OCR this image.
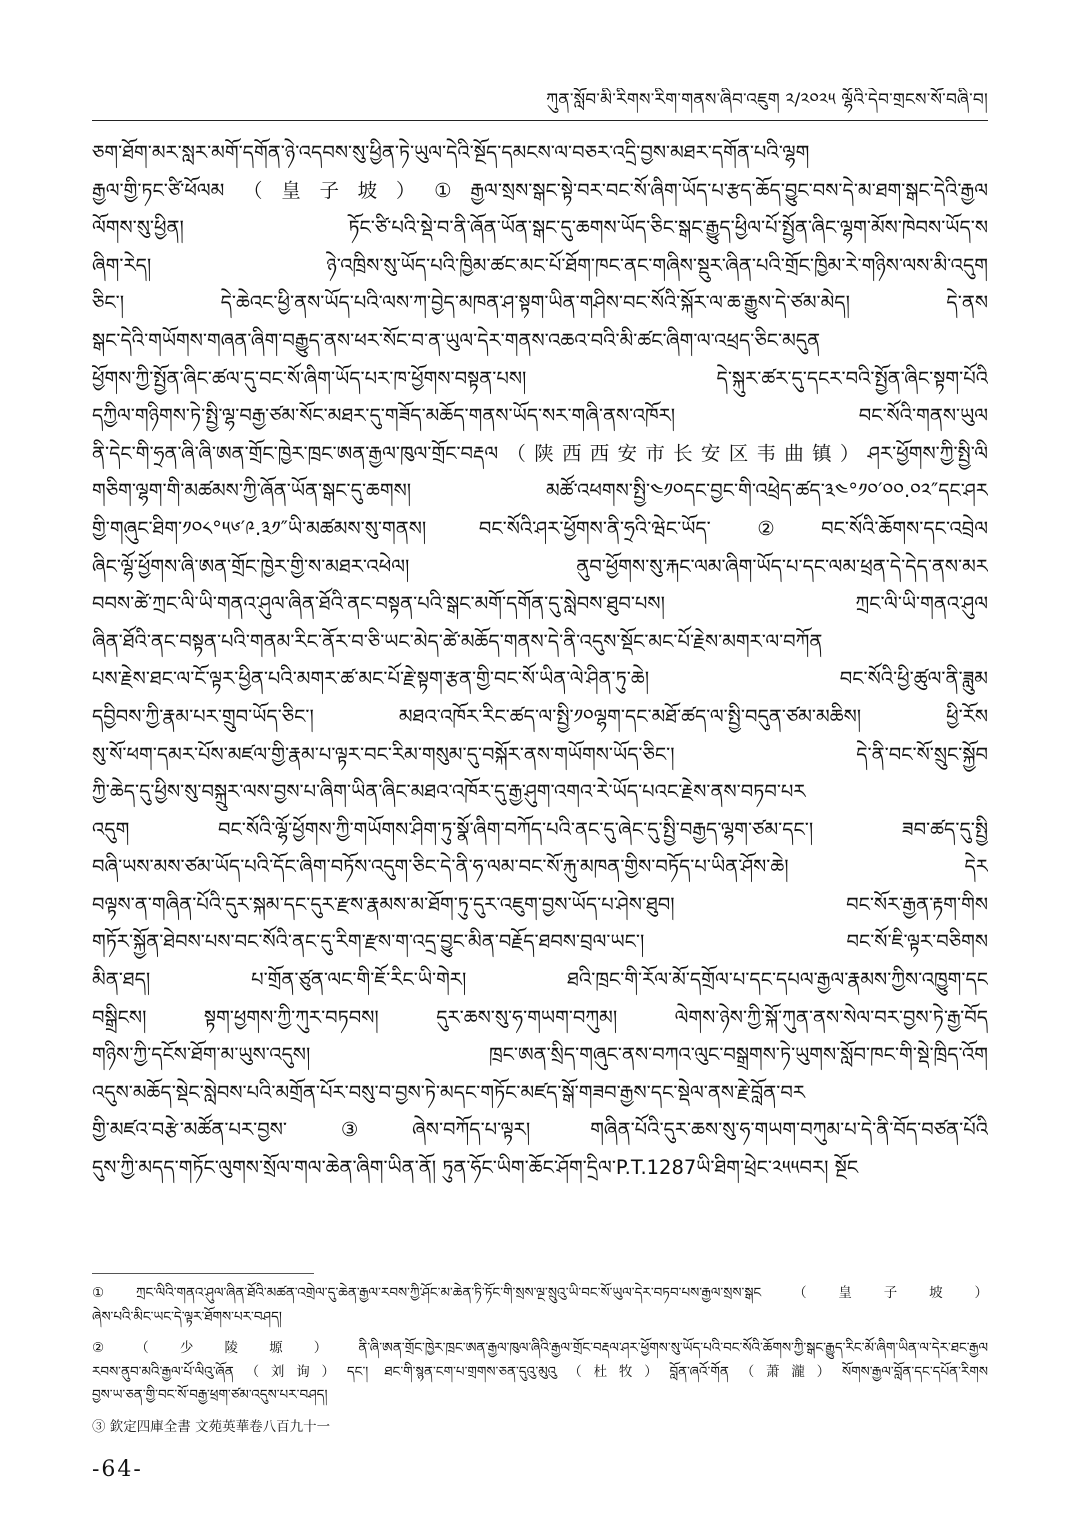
ཀུན་སློབ་མི་རིགས་རིག་གནས་ཞིབ་འཇུག ༢/༢༠༢༥ ལྷོའི་དེབ་གྲངས་སོ་བཞི་བ།
ཅག་ཐོག་མར་སླར་མགོ་དགོན་ཉེ་འདབས་སུ་ཕྱིན་ཏེ་ཡུལ་དེའི་སྔོད་དམངས་ལ་བཅར་འདྲི་བྱས་མཐར་དགོན་པའི་ལྷག
རྒྱལ་གྱི་ཏང་ཙི་ཕོལམ（皇子坡）①རྒྱལ་སྲས་སྒང་སྟེ་བར་བང་སོ་ཞིག་ཡོད་པ་རྩད་ཆོད་བྱུང་བས་དེ་མ་ཐག་སྒང་དེའི་རྒྱལ
ལོགས་སུ་ཕྱིན། ཏོང་ཙི་པའི་སྡེ་བ་ནི་ཞོན་ཡོན་སྒང་དུ་ཆགས་ཡོད་ཅིང་སྒང་རྒྱུད་ཕྱིལ་པོ་སྤྱོན་ཞིང་ལྷག་མོས་ཁེབས་ཡོད་ས
ཞིག་རེད། ཉེ་འཁྲིས་སུ་ཡོད་པའི་ཁྱིམ་ཚང་མང་པོ་ཐོག་ཁང་ནང་གཞིས་སྡུར་ཞིན་པའི་གྲོང་ཁྱིམ་རེ་གཉིས་ལས་མི་འདུག
ཅིང་། དེ་ཆེའང་ཕྱི་ནས་ཡོད་པའི་ལས་ཀ་བྱེད་མཁན་ཤ་སྟག་ཡིན་གཤིས་བང་སོའི་སྐོར་ལ་ཆ་རྒྱུས་དེ་ཙམ་མེད། དེ་ནས
སྒང་དེའི་གཡོགས་གཞན་ཞིག་བརྒྱུད་ནས་ཕར་སོང་བ་ན་ཡུལ་དེར་གནས་འཆའ་བའི་མི་ཚང་ཞིག་ལ་འཕྲད་ཅིང་མདུན
ཕྱོགས་ཀྱི་སྤྱོན་ཞིང་ཚལ་དུ་བང་སོ་ཞིག་ཡོད་པར་ཁ་ཕྱོགས་བསྟན་པས། དེ་སྐུར་ཚར་དུ་དངར་བའི་སྤྱོན་ཞིང་སྟག་པོའི
དཀྱིལ་གཉིགས་ཏེ་སྤྱི་ལྷ་བརྒྱ་ཙམ་སོང་མཐར་དུ་གཟོད་མཆོད་གནས་ཡོད་སར་གཞི་ནས་འཁོར། བང་སོའི་གནས་ཡུལ
ནི་དེང་གི་ཧྲན་ཞི་ཞི་ཨན་གྲོང་ཁྱེར་ཁྲང་ཨན་རྒྱལ་ཁུལ་གྲོང་བརྡལ（陕西西安市长安区韦曲镇）ཤར་ཕྱོགས་ཀྱི་སྤྱི་ལི
གཅིག་ལྷག་གི་མཚམས་ཀྱི་ཞོན་ཡོན་སྒང་དུ་ཆགས། མཚོ་འཕགས་སྤྱི་༤༡༠དང་བྱང་གི་འཕྲེད་ཚད་༣༤°༡༠′༠༠.༠༢″དང་ཤར
གྱི་གཞུང་ཐིག་༡༠༨°༥༦′༩.༣༡″ཡི་མཚམས་སུ་གནས། བང་སོའི་ཤར་ཕྱོགས་ནི་ཧྲའི་ཝེང་ཡོད་②བང་སོའི་ཆོགས་དང་འབྲེལ
ཞིང་ལྷོ་ཕྱོགས་ཞི་ཨན་གྲོང་ཁྱེར་གྱི་ས་མཐར་འཕེལ། ནུབ་ཕྱོགས་སུ་རྐང་ལམ་ཞིག་ཡོད་པ་དང་ལམ་ཕྲན་དེ་དེད་ནས་མར
བབས་ཚེ་ཀྲང་ལི་ཡི་གནའ་ཤུལ་ཞིན་ཐོའི་ནང་བསྟན་པའི་སྒང་མགོ་དགོན་དུ་སླེབས་ཐུབ་པས། ཀྲང་ལི་ཡི་གནའ་ཤུལ
ཞིན་ཐོའི་ནང་བསྟན་པའི་གནམ་རིང་ནོར་བ་ཅི་ཡང་མེད་ཚེ་མཆོད་གནས་དེ་ནི་འདུས་སྡོང་མང་པོ་རྗེས་མགར་ལ་བཀོན
པས་རྗེས་ཐང་ལ་ངོ་ལྟར་ཕྱིན་པའི་མགར་ཚ་མང་པོ་རྗེ་སྟག་རྩན་གྱི་བང་སོ་ཡིན་ལེ་ཤིན་ཏུ་ཆེ། བང་སོའི་ཕྱི་ཚུལ་ནི་ཟླུམ
དབྱིབས་ཀྱི་རྣམ་པར་གྲུབ་ཡོད་ཅིང་། མཐའ་འཁོར་རིང་ཚད་ལ་སྤྱི་༡༠ལྷག་དང་མཐོ་ཚད་ལ་སྤྱི་བདུན་ཙམ་མཆིས། ཕྱི་རོས
སུ་སོ་ཕག་དམར་པོས་མཛལ་གྱི་རྣམ་པ་ལྟར་བང་རིམ་གསུམ་དུ་བསྐོར་ནས་གཡོགས་ཡོད་ཅིང་། དེ་ནི་བང་སོ་སྲུང་སྐྱོབ
ཀྱི་ཆེད་དུ་ཕྱིས་སུ་བསྐྲུར་ལས་བྱས་པ་ཞིག་ཡིན་ཞིང་མཐའ་འཁོར་དུ་རྒྱ་ཤུག་འགའ་རེ་ཡོད་པའང་རྗེས་ནས་བཏབ་པར
འདུག བང་སོའི་ལྷོ་ཕྱོགས་ཀྱི་གཡོགས་ཤིག་ཏུ་སྣོ་ཞིག་བཀོད་པའི་ནང་དུ་ཞེང་དུ་སྤྱི་བརྒྱད་ལྷག་ཙམ་དང་། ཟབ་ཚད་དུ་སྤྱི
བཞི་ཡས་མས་ཙམ་ཡོད་པའི་དོང་ཞིག་བཏོས་འདུག་ཅིང་དེ་ནི་ཧ་ལམ་བང་སོ་རྐུ་མཁན་གྱིས་བཏོད་པ་ཡིན་ཤོས་ཆེ། དེར
བལྟས་ན་གཞིན་པོའི་དུར་སྐམ་དང་དུར་རྫས་རྣམས་མ་ཐོག་ཏུ་དུར་འཇུག་བྱས་ཡོད་པ་ཤེས་ཐུབ། བང་སོར་རྒྱན་རྟག་གིས
གཏོར་སྐྱོན་ཐེབས་པས་བང་སོའི་ནང་དུ་རིག་རྫས་ག་འདྲ་བྱུང་མིན་བརྗོད་ཐབས་བྲལ་ཡང་། བང་སོ་ཇི་ལྟར་བཅིགས
མིན་ཐད། པ་གྲོན་ཙུན་ལང་གི་ཇོ་རིང་ཡི་གེར། ཐའི་ཁྲང་གི་རོལ་མོ་དགྲོལ་པ་དང་དཔལ་རྒྱལ་རྣམས་ཀྱིས་འཁྱུག་དང
བསྒྲིངས། སྟག་ཕྱགས་ཀྱི་ཀུར་བཏབས། དུར་ཆས་སུ་ཧ་གཡག་བཀུམ། ལེགས་ཉེས་ཀྱི་སྐོ་ཀུན་ནས་སེལ་བར་བྱས་ཏེ་རྒྱ་བོད
གཉིས་ཀྱི་དངོས་ཐོག་མ་ཡུས་འདུས། ཁྲང་ཨན་སྲིད་གཞུང་ནས་བཀའ་ལུང་བསྒྲགས་ཏེ་ཡུགས་སློབ་ཁང་གི་སྡེ་ཁྲིད་འོག
འདུས་མཆོད་སྡེང་སླེབས་པའི་མགྲོན་པོར་བསུ་བ་བྱས་ཏེ་མདང་གཏོང་མཛད་སྒོ་གཟབ་རྒྱས་དང་སྡེལ་ནས་རྗེ་བློན་བར
གྱི་མཛའ་བརྩེ་མཚོན་པར་བྱས་③ཞེས་བཀོད་པ་ལྟར། གཞིན་པོའི་དུར་ཆས་སུ་ཧ་གཡག་བཀུམ་པ་དེ་ནི་བོད་བཙན་པོའི
དུས་ཀྱི་མདད་གཏོང་ལུགས་སྲོལ་གལ་ཆེན་ཞིག་ཡིན་ནོ། ཏུན་ཧོང་ཡིག་ཆོང་ཤོག་དྲིལ་P.T.1287ཡི་ཐིག་ཕྲེང་༢༥༥བར། སྔོང
①ཀྲང་ལིའི་གནའ་ཤུལ་ཞིན་ཐོའི་མཚན་འགྲེལ་དུ་ཆེན་རྒྱལ་རབས་ཀྱི་ཤོང་མ་ཆེན་ཏི་ཏོང་གི་སྲས་ལྔ་སྲུའུ་ཡི་བང་སོ་ཡུལ་དེར་བཏབ་པས་རྒྱལ་སྲས་སྒང（皇子坡）
ཞེས་པའི་མིང་ཡང་དེ་ལྟར་ཐོགས་པར་བཤད།
②（少陵塬）ནི་ཞི་ཨན་གྲོང་ཁྱེར་ཁྲང་ཨན་རྒྱལ་ཁུལ་ཞིའི་རྒྱལ་གྲོང་བརྡལ་ཤར་ཕྱོགས་སུ་ཡོད་པའི་བང་སོའི་ཆོགས་ཀྱི་སྒང་རྒྱུད་རིང་མོ་ཞིག་ཡིན་ལ་དེར་ཐང་རྒྱལ
རབས་ནུབ་མའི་རྒྱལ་པོ་ལིའུ་ཞོན（刘询）དང་། ཐང་གི་སྙན་ངག་པ་གྲགས་ཅན་དུའུ་མུའུ（杜牧）བློན་ཞའོ་གོན（萧瀧）སོགས་རྒྱལ་བློན་དང་དཔོན་རིགས
བྱས་ཡ་ཅན་གྱི་བང་སོ་བརྒྱ་ཕྲག་ཙམ་འདུས་པར་བཤད།
③ 欽定四庫全書 文苑英華卷八百九十一
-64-
